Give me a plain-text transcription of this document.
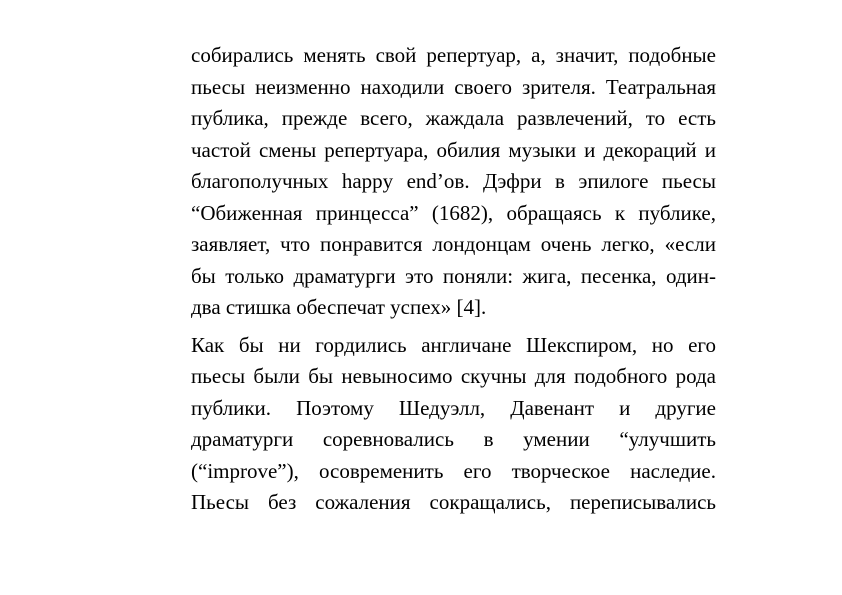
собирались менять свой репертуар, а, значит, подобные
пьесы неизменно находили своего зрителя. Театральная
публика, прежде всего, жаждала развлечений, то есть
частой смены репертуара, обилия музыки и декораций и
благополучных happy end’ов. Дэфри в эпилоге пьесы
“Обиженная принцесса” (1682), обращаясь к публике,
заявляет, что понравится лондонцам очень легко, «если
бы только драматурги это поняли: жига, песенка, один-
два стишка обеспечат успех» [4].
Как бы ни гордились англичане Шекспиром, но его
пьесы были бы невыносимо скучны для подобного рода
публики. Поэтому Шедуэлл, Давенант и другие
драматурги соревновались в умении “улучшить
(“improve”), осовременить его творческое наследие.
Пьесы без сожаления сокращались, переписывались
